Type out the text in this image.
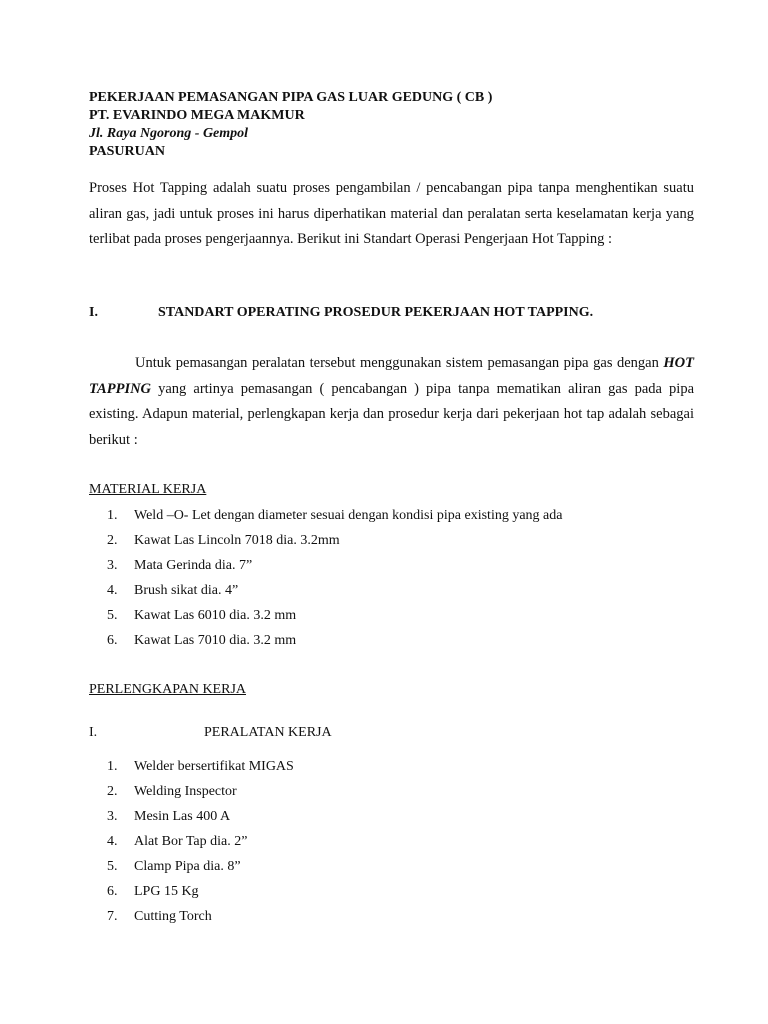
PEKERJAAN PEMASANGAN PIPA GAS LUAR GEDUNG ( CB )
PT. EVARINDO MEGA MAKMUR
Jl. Raya Ngorong - Gempol
PASURUAN

Proses Hot Tapping adalah suatu proses pengambilan / pencabangan pipa tanpa menghentikan suatu aliran gas, jadi untuk proses ini harus diperhatikan material dan peralatan serta keselamatan kerja yang terlibat pada proses pengerjaannya. Berikut ini Standart Operasi Pengerjaan Hot Tapping :

I.	STANDART OPERATING PROSEDUR PEKERJAAN HOT TAPPING.

Untuk pemasangan peralatan tersebut menggunakan sistem pemasangan pipa gas dengan HOT TAPPING yang artinya pemasangan ( pencabangan ) pipa tanpa mematikan aliran gas pada pipa existing. Adapun material, perlengkapan kerja dan prosedur kerja dari pekerjaan hot tap adalah sebagai berikut :

MATERIAL KERJA
1. Weld –O- Let dengan diameter sesuai dengan kondisi pipa existing yang ada
2. Kawat Las Lincoln 7018 dia. 3.2mm
3. Mata Gerinda dia. 7”
4. Brush sikat dia. 4”
5. Kawat Las 6010 dia. 3.2 mm
6. Kawat Las 7010 dia. 3.2 mm
PERLENGKAPAN KERJA
I.	PERALATAN KERJA
1. Welder bersertifikat MIGAS
2. Welding Inspector
3. Mesin Las 400 A
4. Alat Bor Tap dia. 2”
5. Clamp Pipa dia. 8”
6. LPG 15 Kg
7. Cutting Torch
